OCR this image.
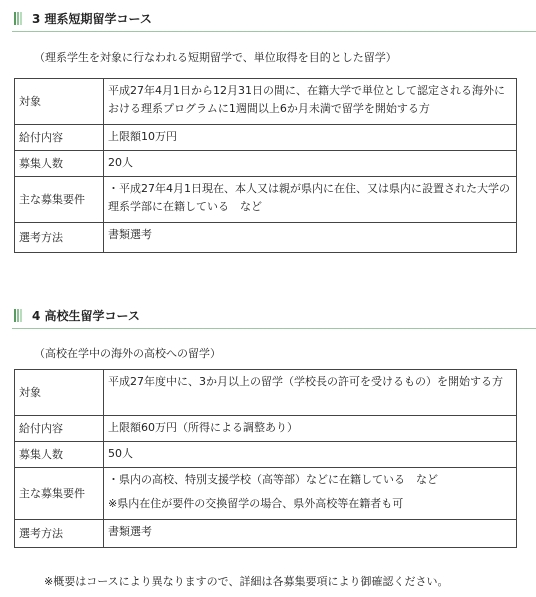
3 理系短期留学コース
（理系学生を対象に行なわれる短期留学で、単位取得を目的とした留学）
対象	平成27年4月1日から12月31日の間に、在籍大学で単位として認定される海外における理系プログラムに1週間以上6か月未満で留学を開始する方
給付内容	上限額10万円
募集人数	20人
主な募集要件	・平成27年4月1日現在、本人又は親が県内に在住、又は県内に設置された大学の理系学部に在籍している　など
選考方法	書類選考
4 高校生留学コース
（高校在学中の海外の高校への留学）
対象	平成27年度中に、3か月以上の留学（学校長の許可を受けるもの）を開始する方
給付内容	上限額60万円（所得による調整あり）
募集人数	50人
主な募集要件	・県内の高校、特別支援学校（高等部）などに在籍している　など
※県内在住が要件の交換留学の場合、県外高校等在籍者も可

選考方法	書類選考
※概要はコースにより異なりますので、詳細は各募集要項により御確認ください。
